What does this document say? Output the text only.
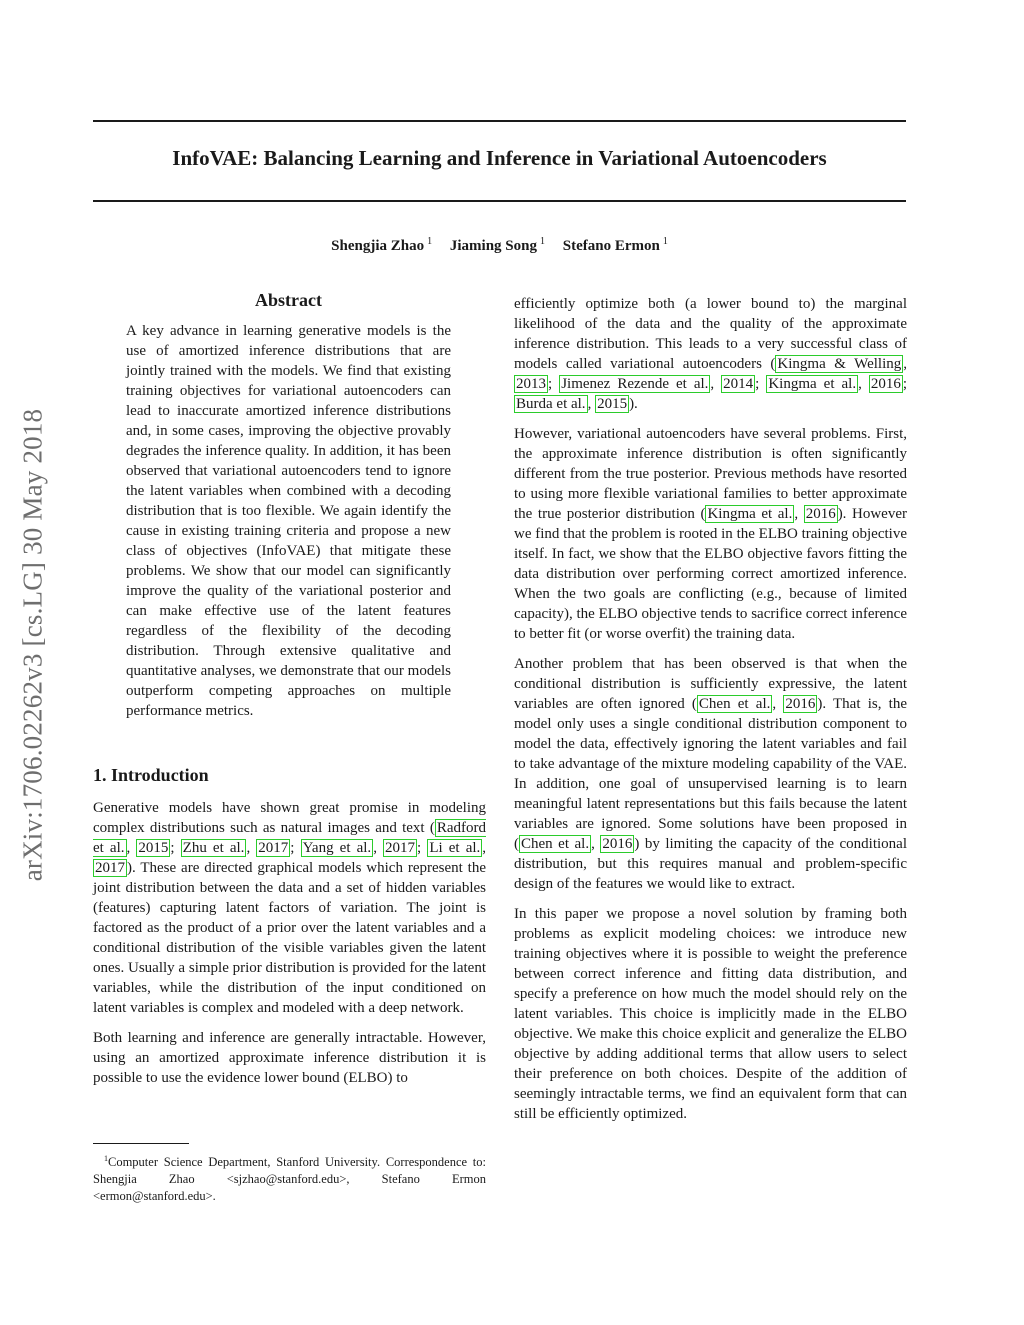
InfoVAE: Balancing Learning and Inference in Variational Autoencoders
Shengjia Zhao $^1$ Jiaming Song $^1$ Stefano Ermon $^1$
arXiv:1706.02262v3 [cs.LG] 30 May 2018
Abstract

A key advance in learning generative models is the use of amortized inference distributions that are jointly trained with the models. We find that existing training objectives for variational autoencoders can lead to inaccurate amortized inference distributions and, in some cases, improving the objective provably degrades the inference quality. In addition, it has been observed that variational autoencoders tend to ignore the latent variables when combined with a decoding distribution that is too flexible. We again identify the cause in existing training criteria and propose a new class of objectives (InfoVAE) that mitigate these problems. We show that our model can significantly improve the quality of the variational posterior and can make effective use of the latent features regardless of the flexibility of the decoding distribution. Through extensive qualitative and quantitative analyses, we demonstrate that our models outperform competing approaches on multiple performance metrics.

1. Introduction

Generative models have shown great promise in modeling complex distributions such as natural images and text ( Radford et al. , 2015 ; Zhu et al. , 2017 ; Yang et al. , 2017 ; Li et al. , 2017 ). These are directed graphical models which represent the joint distribution between the data and a set of hidden variables (features) capturing latent factors of variation. The joint is factored as the product of a prior over the latent variables and a conditional distribution of the visible variables given the latent ones. Usually a simple prior distribution is provided for the latent variables, while the distribution of the input conditioned on latent variables is complex and modeled with a deep network.

Both learning and inference are generally intractable. However, using an amortized approximate inference distribution it is possible to use the evidence lower bound (ELBO) to

$^1$Computer Science Department, Stanford University. Correspondence to: Shengjia Zhao <sjzhao@stanford.edu>, Stefano Ermon <ermon@stanford.edu>.

efficiently optimize both (a lower bound to) the marginal likelihood of the data and the quality of the approximate inference distribution. This leads to a very successful class of models called variational autoencoders ( Kingma & Welling , 2013 ; Jimenez Rezende et al. , 2014 ; Kingma et al. , 2016 ; Burda et al. , 2015 ).

However, variational autoencoders have several problems. First, the approximate inference distribution is often significantly different from the true posterior. Previous methods have resorted to using more flexible variational families to better approximate the true posterior distribution ( Kingma et al. , 2016 ). However we find that the problem is rooted in the ELBO training objective itself. In fact, we show that the ELBO objective favors fitting the data distribution over performing correct amortized inference. When the two goals are conflicting (e.g., because of limited capacity), the ELBO objective tends to sacrifice correct inference to better fit (or worse overfit) the training data.

Another problem that has been observed is that when the conditional distribution is sufficiently expressive, the latent variables are often ignored ( Chen et al. , 2016 ). That is, the model only uses a single conditional distribution component to model the data, effectively ignoring the latent variables and fail to take advantage of the mixture modeling capability of the VAE. In addition, one goal of unsupervised learning is to learn meaningful latent representations but this fails because the latent variables are ignored. Some solutions have been proposed in ( Chen et al. , 2016 ) by limiting the capacity of the conditional distribution, but this requires manual and problem-specific design of the features we would like to extract.

In this paper we propose a novel solution by framing both problems as explicit modeling choices: we introduce new training objectives where it is possible to weight the preference between correct inference and fitting data distribution, and specify a preference on how much the model should rely on the latent variables. This choice is implicitly made in the ELBO objective. We make this choice explicit and generalize the ELBO objective by adding additional terms that allow users to select their preference on both choices. Despite of the addition of seemingly intractable terms, we find an equivalent form that can still be efficiently optimized.
